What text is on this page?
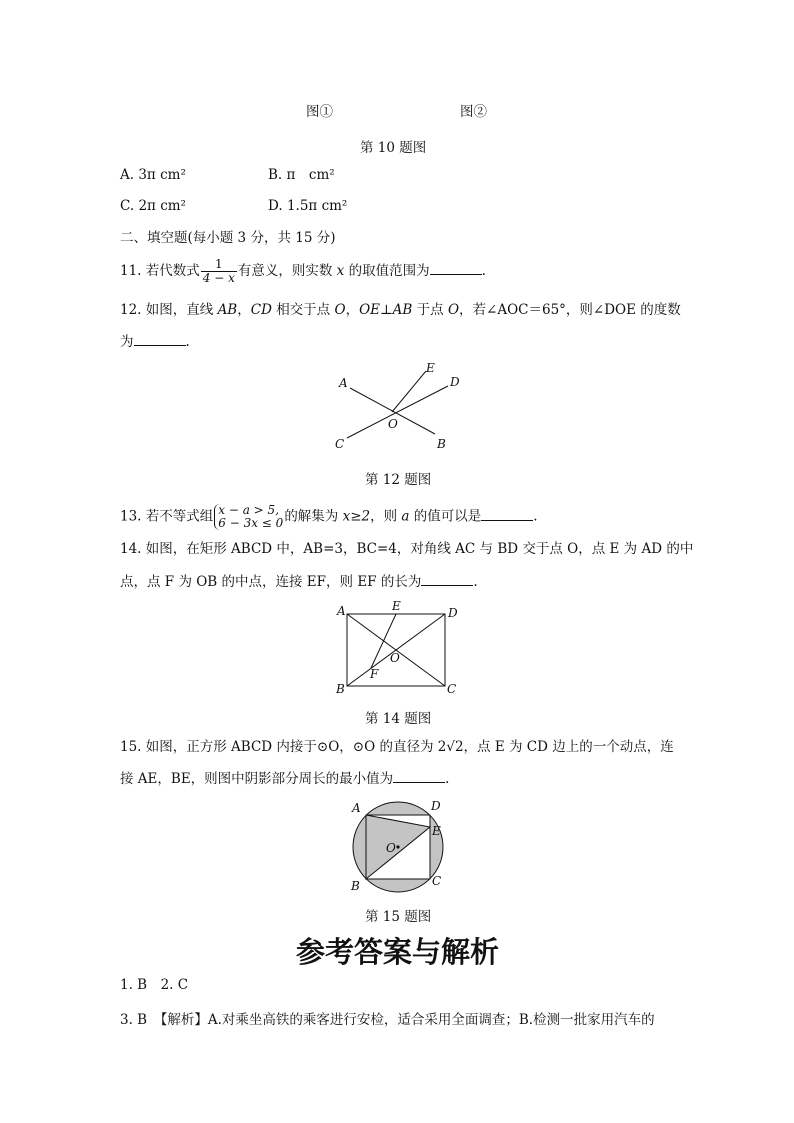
图①	图②
第 10 题图
A. 3π cm²	B. π　cm²
C. 2π cm²	D. 1.5π cm²
二、填空题(每小题 3 分，共 15 分)
11. 若代数式 $\frac{1}{4 - x}$ 有意义，则实数 x 的取值范围为	.
12. 如图，直线 AB，CD 相交于点 O，OE⊥AB 于点 O，若∠AOC＝65°，则∠DOE 的度数
为	.
A
E
D
O
C	B
第 12 题图
13. 若不等式组 x − a > 5,
6 − 3x ≤ 0 的解集为 x≥2，则 a 的值可以是	.
14. 如图，在矩形 ABCD 中，AB=3，BC=4，对角线 AC 与 BD 交于点 O，点 E 为 AD 的中
点，点 F 为 OB 的中点，连接 EF，则 EF 的长为	.
A	E	D
O
F
B	C
第 14 题图
15. 如图，正方形 ABCD 内接于⊙O，⊙O 的直径为 2√2，点 E 为 CD 边上的一个动点，连
接 AE，BE，则图中阴影部分周长的最小值为	.
A	D
E
O
B	C
第 15 题图
参考答案与解析
1. B　2. C
3. B　【解析】A.对乘坐高铁的乘客进行安检，适合采用全面调查；B.检测一批家用汽车的
